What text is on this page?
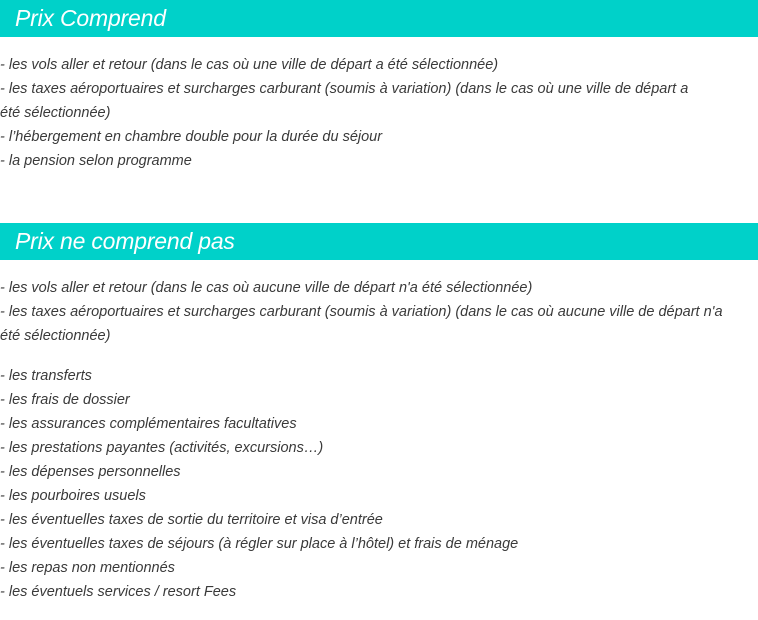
Prix Comprend
- les vols aller et retour (dans le cas où une ville de départ a été sélectionnée)
- les taxes aéroportuaires et surcharges carburant (soumis à variation) (dans le cas où une ville de départ a été sélectionnée)
- l’hébergement en chambre double pour la durée du séjour
- la pension selon programme
Prix ne comprend pas
- les vols aller et retour (dans le cas où aucune ville de départ n'a été sélectionnée)
- les taxes aéroportuaires et surcharges carburant (soumis à variation) (dans le cas où aucune ville de départ n'a été sélectionnée)
- les transferts
- les frais de dossier
- les assurances complémentaires facultatives
- les prestations payantes (activités, excursions…)
- les dépenses personnelles
- les pourboires usuels
- les éventuelles taxes de sortie du territoire et visa d’entrée
- les éventuelles taxes de séjours (à régler sur place à l’hôtel) et frais de ménage
- les repas non mentionnés
- les éventuels services / resort Fees
